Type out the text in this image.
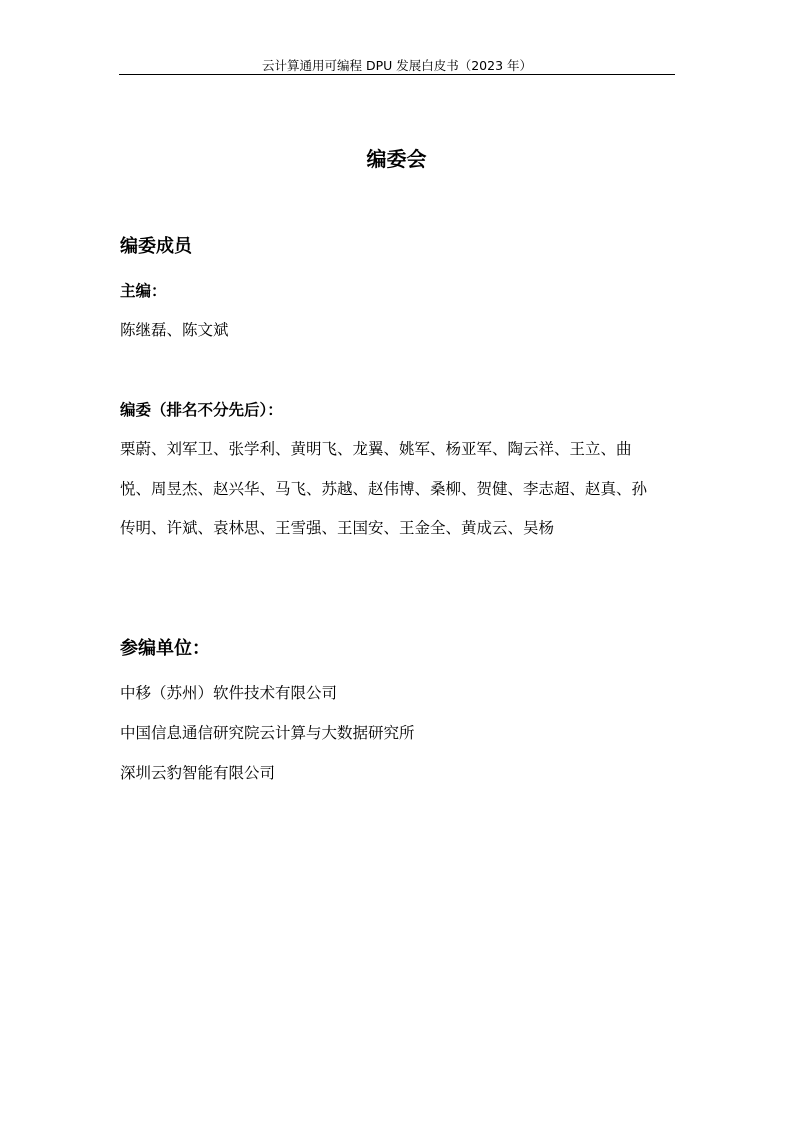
云计算通用可编程 DPU 发展白皮书（2023 年）
编委会
编委成员
主编：
陈继磊、陈文斌
编委（排名不分先后）：
栗蔚、刘军卫、张学利、黄明飞、龙翼、姚军、杨亚军、陶云祥、王立、曲
悦、周昱杰、赵兴华、马飞、苏越、赵伟博、桑柳、贺健、李志超、赵真、孙
传明、许斌、袁林思、王雪强、王国安、王金全、黄成云、吴杨
参编单位：
中移（苏州）软件技术有限公司
中国信息通信研究院云计算与大数据研究所
深圳云豹智能有限公司
